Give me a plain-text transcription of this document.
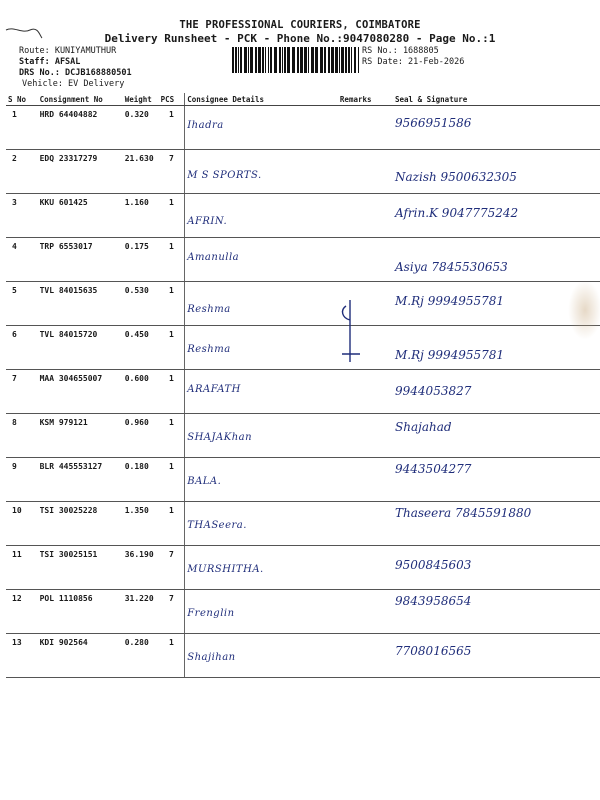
THE PROFESSIONAL COURIERS, COIMBATORE
Delivery Runsheet - PCK - Phone No.:9047080280 - Page No.:1
Route: KUNIYAMUTHUR
Staff: AFSAL
DRS No.: DCJB168880501
Vehicle: EV Delivery
RS No.: 1688805
RS Date: 21-Feb-2026
S No	Consignment No	Weight	PCS	Consignee Details	Remarks	Seal & Signature
1	HRD 64404882	0.320	1	Ihadra		9566951586
2	EDQ 23317279	21.630	7	M S SPORTS.		Nazish 9500632305
3	KKU 601425	1.160	1	AFRIN.		Afrin.K 9047775242
4	TRP 6553017	0.175	1	Amanulla		Asiya 7845530653
5	TVL 84015635	0.530	1	Reshma		M.Rj 9994955781
6	TVL 84015720	0.450	1	Reshma		M.Rj 9994955781
7	MAA 304655007	0.600	1	ARAFATH		9944053827
8	KSM 979121	0.960	1	SHAJAKhan		Shajahad
9	BLR 445553127	0.180	1	BALA.		9443504277
10	TSI 30025228	1.350	1	THASeera.		Thaseera 7845591880
11	TSI 30025151	36.190	7	MURSHITHA.		9500845603
12	POL 1110856	31.220	7	Frenglin		9843958654
13	KDI 902564	0.280	1	Shajihan		7708016565
